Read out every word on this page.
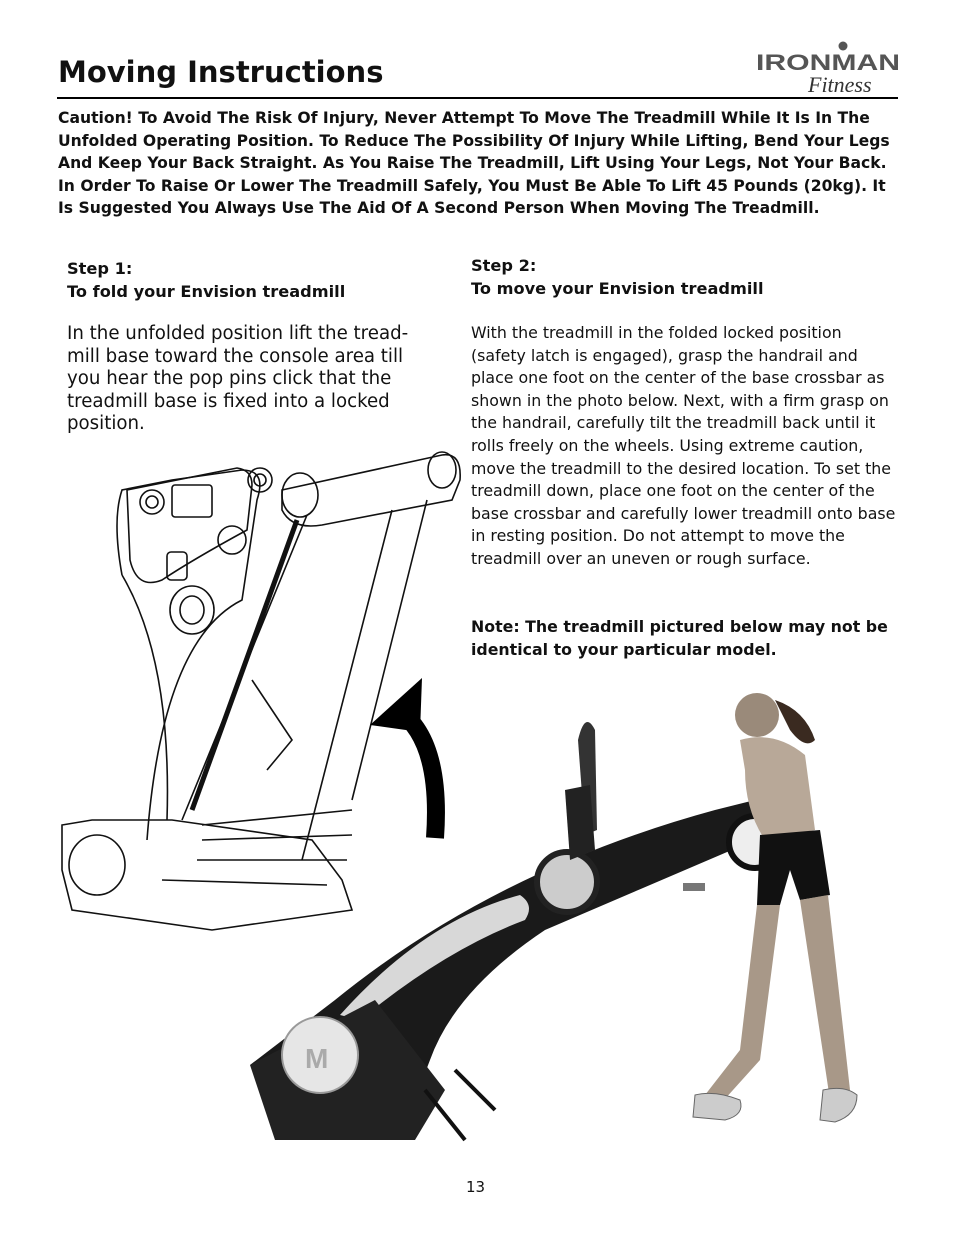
Moving Instructions	IRONMAN
Fitness
Caution! To Avoid The Risk Of Injury, Never Attempt To Move The Treadmill While It Is In The Unfolded Operating Position. To Reduce The Possibility Of Injury While Lifting, Bend Your Legs And Keep Your Back Straight. As You Raise The Treadmill, Lift Using Your Legs, Not Your Back. In Order To Raise Or Lower The Treadmill Safely, You Must Be Able To Lift 45 Pounds (20kg). It Is Suggested You Always Use The Aid Of A Second Person When Moving The Treadmill.
Step 1:
To fold your Envision treadmill
In the unfolded position lift the tread-mill base toward the console area till you hear the pop pins click that the treadmill base is fixed into a locked position.
Step 2:
To move your Envision treadmill
With the treadmill in the folded locked position (safety latch is engaged), grasp the handrail and place one foot on the center of the base crossbar as shown in the photo below. Next, with a firm grasp on the handrail, carefully tilt the treadmill back until it rolls freely on the wheels. Using extreme caution, move the treadmill to the desired location. To set the treadmill down, place one foot on the center of the base crossbar and carefully lower treadmill onto base in resting position. Do not attempt to move the treadmill over an uneven or rough surface.
Note: The treadmill pictured below may not be identical to your particular model.
M
13
